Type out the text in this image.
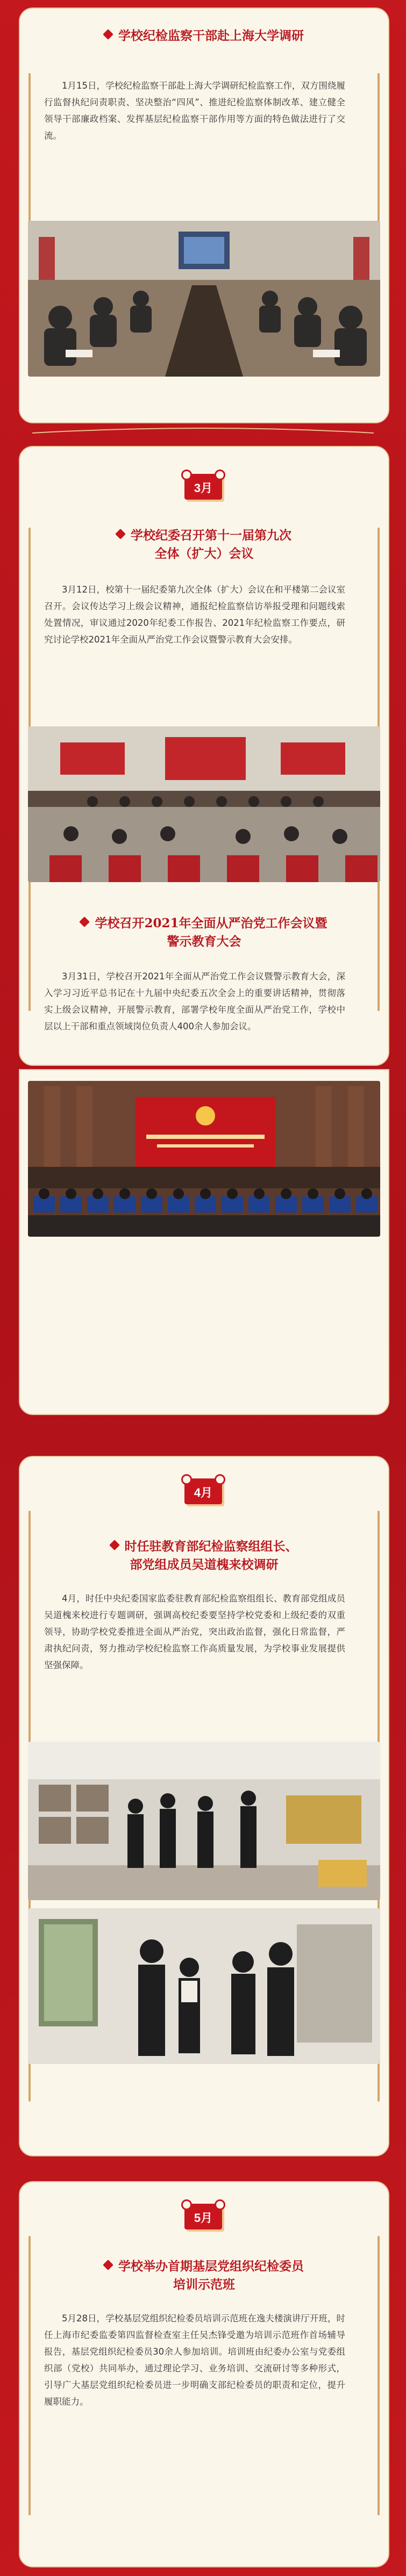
学校纪检监察干部赴上海大学调研
1月15日，学校纪检监察干部赴上海大学调研纪检监察工作，双方围绕履行监督执纪问责职责、坚决整治“四风”、推进纪检监察体制改革、建立健全领导干部廉政档案、发挥基层纪检监察干部作用等方面的特色做法进行了交流。
学校纪委召开第十一届第九次
全体（扩大）会议
3月12日，校第十一届纪委第九次全体（扩大）会议在和平楼第二会议室召开。会议传达学习上级会议精神，通报纪检监察信访举报受理和问题线索处置情况，审议通过2020年纪委工作报告、2021年纪检监察工作要点，研究讨论学校2021年全面从严治党工作会议暨警示教育大会安排。
学校召开2021年全面从严治党工作会议暨
警示教育大会
3月31日，学校召开2021年全面从严治党工作会议暨警示教育大会，深入学习习近平总书记在十九届中央纪委五次全会上的重要讲话精神，贯彻落实上级会议精神，开展警示教育，部署学校年度全面从严治党工作，学校中层以上干部和重点领域岗位负责人400余人参加会议。
3月
时任驻教育部纪检监察组组长、
部党组成员吴道槐来校调研
4月，时任中央纪委国家监委驻教育部纪检监察组组长、教育部党组成员吴道槐来校进行专题调研，强调高校纪委要坚持学校党委和上级纪委的双重领导，协助学校党委推进全面从严治党，突出政治监督，强化日常监督，严肃执纪问责，努力推动学校纪检监察工作高质量发展，为学校事业发展提供坚强保障。
4月
学校举办首期基层党组织纪检委员
培训示范班
5月28日，学校基层党组织纪检委员培训示范班在逸夫楼演讲厅开班，时任上海市纪委监委第四监督检查室主任吴杰锋受邀为培训示范班作首场辅导报告，基层党组织纪检委员30余人参加培训。培训班由纪委办公室与党委组织部（党校）共同举办，通过理论学习、业务培训、交流研讨等多种形式，引导广大基层党组织纪检委员进一步明确支部纪检委员的职责和定位，提升履职能力。
5月
